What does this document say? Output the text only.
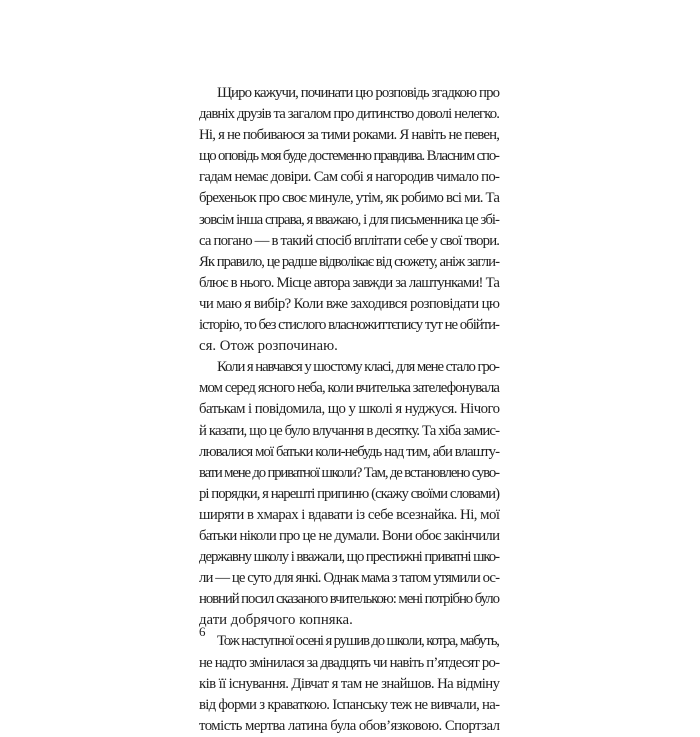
Щиро кажучи, починати цю розповідь згадкою про
давніх друзів та загалом про дитинство доволі нелегко.
Ні, я не побиваюся за тими роками. Я навіть не певен,
що оповідь моя буде достеменно правдива. Власним спо-
гадам немає довіри. Сам собі я нагородив чимало по-
брехеньок про своє минуле, утім, як робимо всі ми. Та
зовсім інша справа, я вважаю, і для письменника це збі-
са погано — в такий спосіб вплітати себе у свої твори.
Як правило, це радше відволікає від сюжету, аніж загли-
блює в нього. Місце автора завжди за лаштунками! Та
чи маю я вибір? Коли вже заходився розповідати цю
історію, то без стислого власножиттєпису тут не обійти-
ся. Отож розпочинаю.
Коли я навчався у шостому класі, для мене стало гро-
мом серед ясного неба, коли вчителька зателефонувала
батькам і повідомила, що у школі я нуджуся. Нічого
й казати, що це було влучання в десятку. Та хіба замис-
лювалися мої батьки коли-небудь над тим, аби влашту-
вати мене до приватної школи? Там, де встановлено суво-
рі порядки, я нарешті припиню (скажу своїми словами)
ширяти в хмарах і вдавати із себе всезнайка. Ні, мої
батьки ніколи про це не думали. Вони обоє закінчили
державну школу і вважали, що престижні приватні шко-
ли — це суто для янкі. Однак мама з татом утямили ос-
новний посил сказаного вчителькою: мені потрібно було
дати добрячого копняка.
Тож наступної осені я рушив до школи, котра, мабуть,
не надто змінилася за двадцять чи навіть п’ятдесят ро-
ків її існування. Дівчат я там не знайшов. На відміну
від форми з краваткою. Іспанську теж не вивчали, на-
томість мертва латина була обов’язковою. Спортзал
6
